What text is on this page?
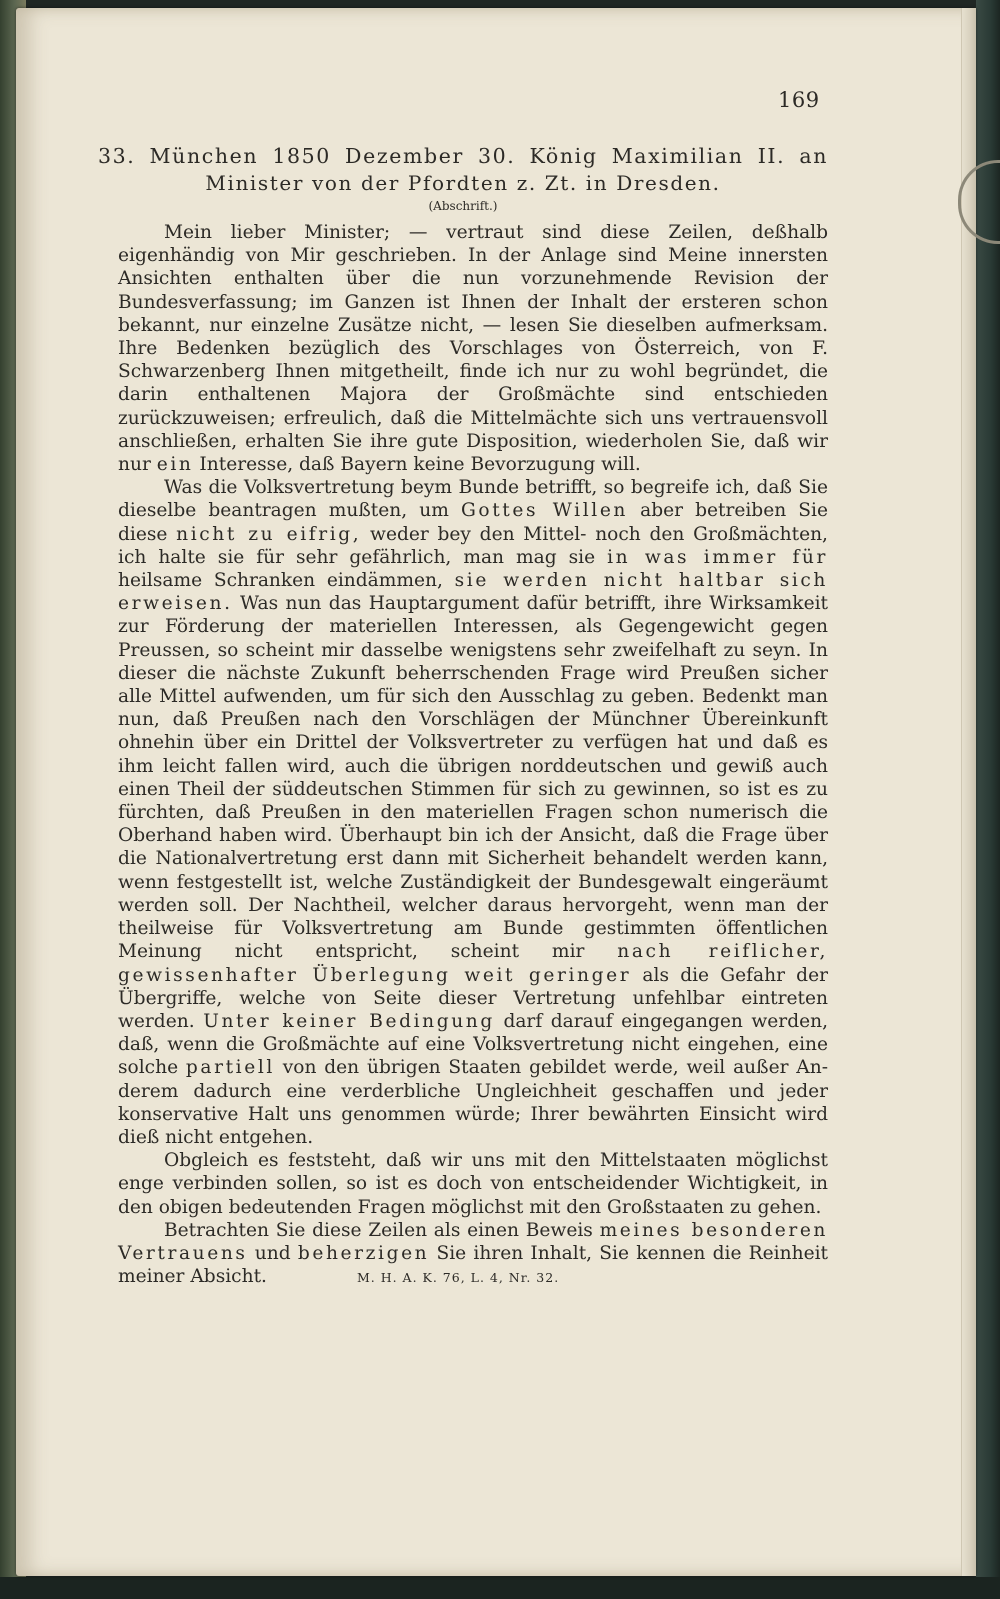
169
33. München 1850 Dezember 30. König Maximilian II. an
Minister von der Pfordten z. Zt. in Dresden.
(Abschrift.)

Mein lieber Minister; — vertraut sind diese Zeilen, deßhalb eigenhändig von Mir geschrieben. In der Anlage sind Meine innersten Ansichten enthalten über die nun vorzunehmende Revision der Bundesverfassung; im Ganzen ist Ihnen der Inhalt der ersteren schon bekannt, nur einzelne Zusätze nicht, — lesen Sie dieselben aufmerksam. Ihre Bedenken bezüglich des Vorschlages von Österreich, von F. Schwarzenberg Ihnen mitgetheilt, finde ich nur zu wohl begründet, die darin enthaltenen Majora der Großmächte sind entschieden zurückzuweisen; erfreulich, daß die Mittelmächte sich uns vertrauensvoll anschließen, erhalten Sie ihre gute Disposition, wiederholen Sie, daß wir nur ein Interesse, daß Bayern keine Bevorzugung will.

Was die Volksvertretung beym Bunde betrifft, so begreife ich, daß Sie dieselbe beantragen mußten, um Gottes Willen aber betreiben Sie diese nicht zu eifrig, weder bey den Mittel- noch den Großmächten, ich halte sie für sehr gefährlich, man mag sie in was immer für heilsame Schranken eindämmen, sie werden nicht haltbar sich erweisen. Was nun das Hauptargument dafür betrifft, ihre Wirksamkeit zur Förderung der materiellen Interessen, als Gegengewicht gegen Preussen, so scheint mir dasselbe wenigstens sehr zweifelhaft zu seyn. In dieser die nächste Zukunft beherrschenden Frage wird Preußen sicher alle Mittel aufwenden, um für sich den Ausschlag zu geben. Bedenkt man nun, daß Preußen nach den Vorschlägen der Münchner Übereinkunft ohnehin über ein Drittel der Volksvertreter zu verfügen hat und daß es ihm leicht fallen wird, auch die übrigen norddeutschen und gewiß auch einen Theil der süddeutschen Stimmen für sich zu gewinnen, so ist es zu fürchten, daß Preußen in den materiellen Fragen schon numerisch die Oberhand haben wird. Überhaupt bin ich der Ansicht, daß die Frage über die Nationalvertretung erst dann mit Sicherheit behandelt werden kann, wenn festgestellt ist, welche Zuständigkeit der Bundesgewalt eingeräumt werden soll. Der Nachtheil, welcher daraus hervorgeht, wenn man der theilweise für Volksvertretung am Bunde gestimmten öffentlichen Meinung nicht entspricht, scheint mir nach reiflicher, gewissenhafter Überlegung weit geringer als die Gefahr der Übergriffe, welche von Seite dieser Vertretung unfehlbar eintreten werden. Unter keiner Bedingung darf darauf eingegangen werden, daß, wenn die Großmächte auf eine Volksvertretung nicht eingehen, eine solche partiell von den übrigen Staaten gebildet werde, weil außer Anderem dadurch eine verderbliche Ungleichheit geschaffen und jeder konservative Halt uns genommen würde; Ihrer bewährten Einsicht wird dieß nicht entgehen.

Obgleich es feststeht, daß wir uns mit den Mittelstaaten möglichst enge verbinden sollen, so ist es doch von entscheidender Wichtigkeit, in den obigen bedeutenden Fragen möglichst mit den Großstaaten zu gehen.

Betrachten Sie diese Zeilen als einen Beweis meines besonderen Vertrauens und beherzigen Sie ihren Inhalt, Sie kennen die Reinheit meiner Absicht.	M. H. A. K. 76, L. 4, Nr. 32.
